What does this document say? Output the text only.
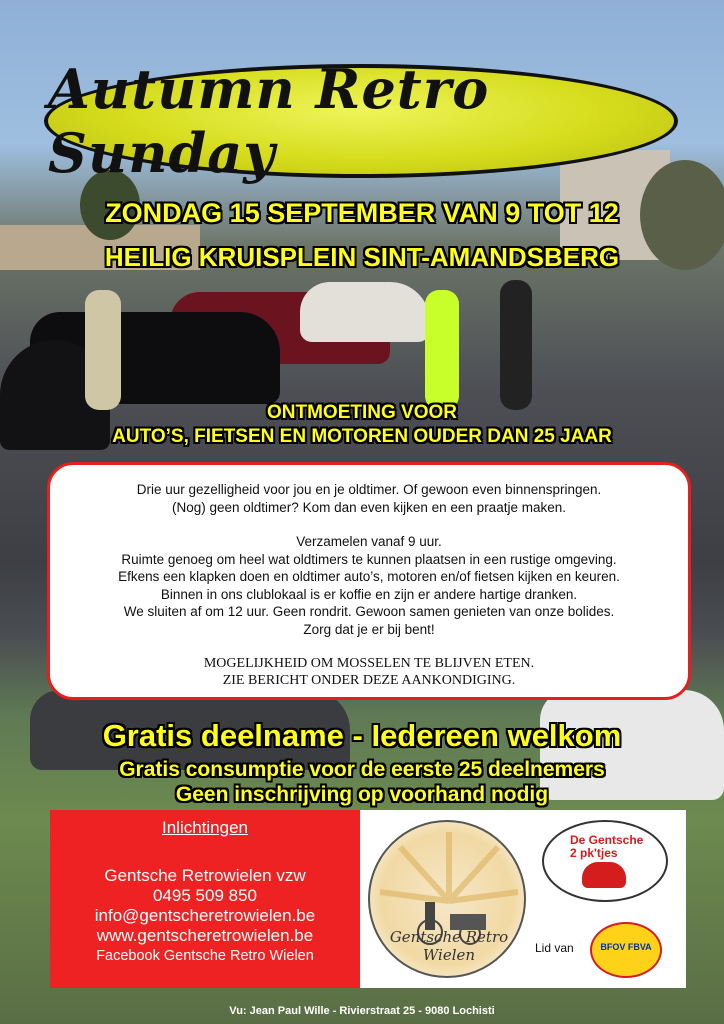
Autumn Retro Sunday
ZONDAG 15 SEPTEMBER VAN 9 TOT 12
HEILIG KRUISPLEIN SINT-AMANDSBERG
ONTMOETING VOOR
AUTO’S, FIETSEN EN MOTOREN OUDER DAN 25 JAAR

Drie uur gezelligheid voor jou en je oldtimer. Of gewoon even binnenspringen.

(Nog) geen oldtimer? Kom dan even kijken en een praatje maken.

Verzamelen vanaf 9 uur.

Ruimte genoeg om heel wat oldtimers te kunnen plaatsen in een rustige omgeving.

Efkens een klapken doen en oldtimer auto’s, motoren en/of fietsen kijken en keuren.

Binnen in ons clublokaal is er koffie en zijn er andere hartige dranken.

We sluiten af om 12 uur. Geen rondrit. Gewoon samen genieten van onze bolides.

Zorg dat je er bij bent!

MOGELIJKHEID OM MOSSELEN TE BLIJVEN ETEN.

ZIE BERICHT ONDER DEZE AANKONDIGING.

Gratis deelname - Iedereen welkom
Gratis consumptie voor de eerste 25 deelnemers
Geen inschrijving op voorhand nodig
Inlichtingen
Gentsche Retrowielen vzw
0495 509 850
info@gentscheretrowielen.be
www.gentscheretrowielen.be
Facebook Gentsche Retro Wielen
Gentsche Retro Wielen
De Gentsche
2 pk'tjes
Lid van	BFOV FBVA
Vu: Jean Paul Wille - Rivierstraat 25 - 9080 Lochisti
